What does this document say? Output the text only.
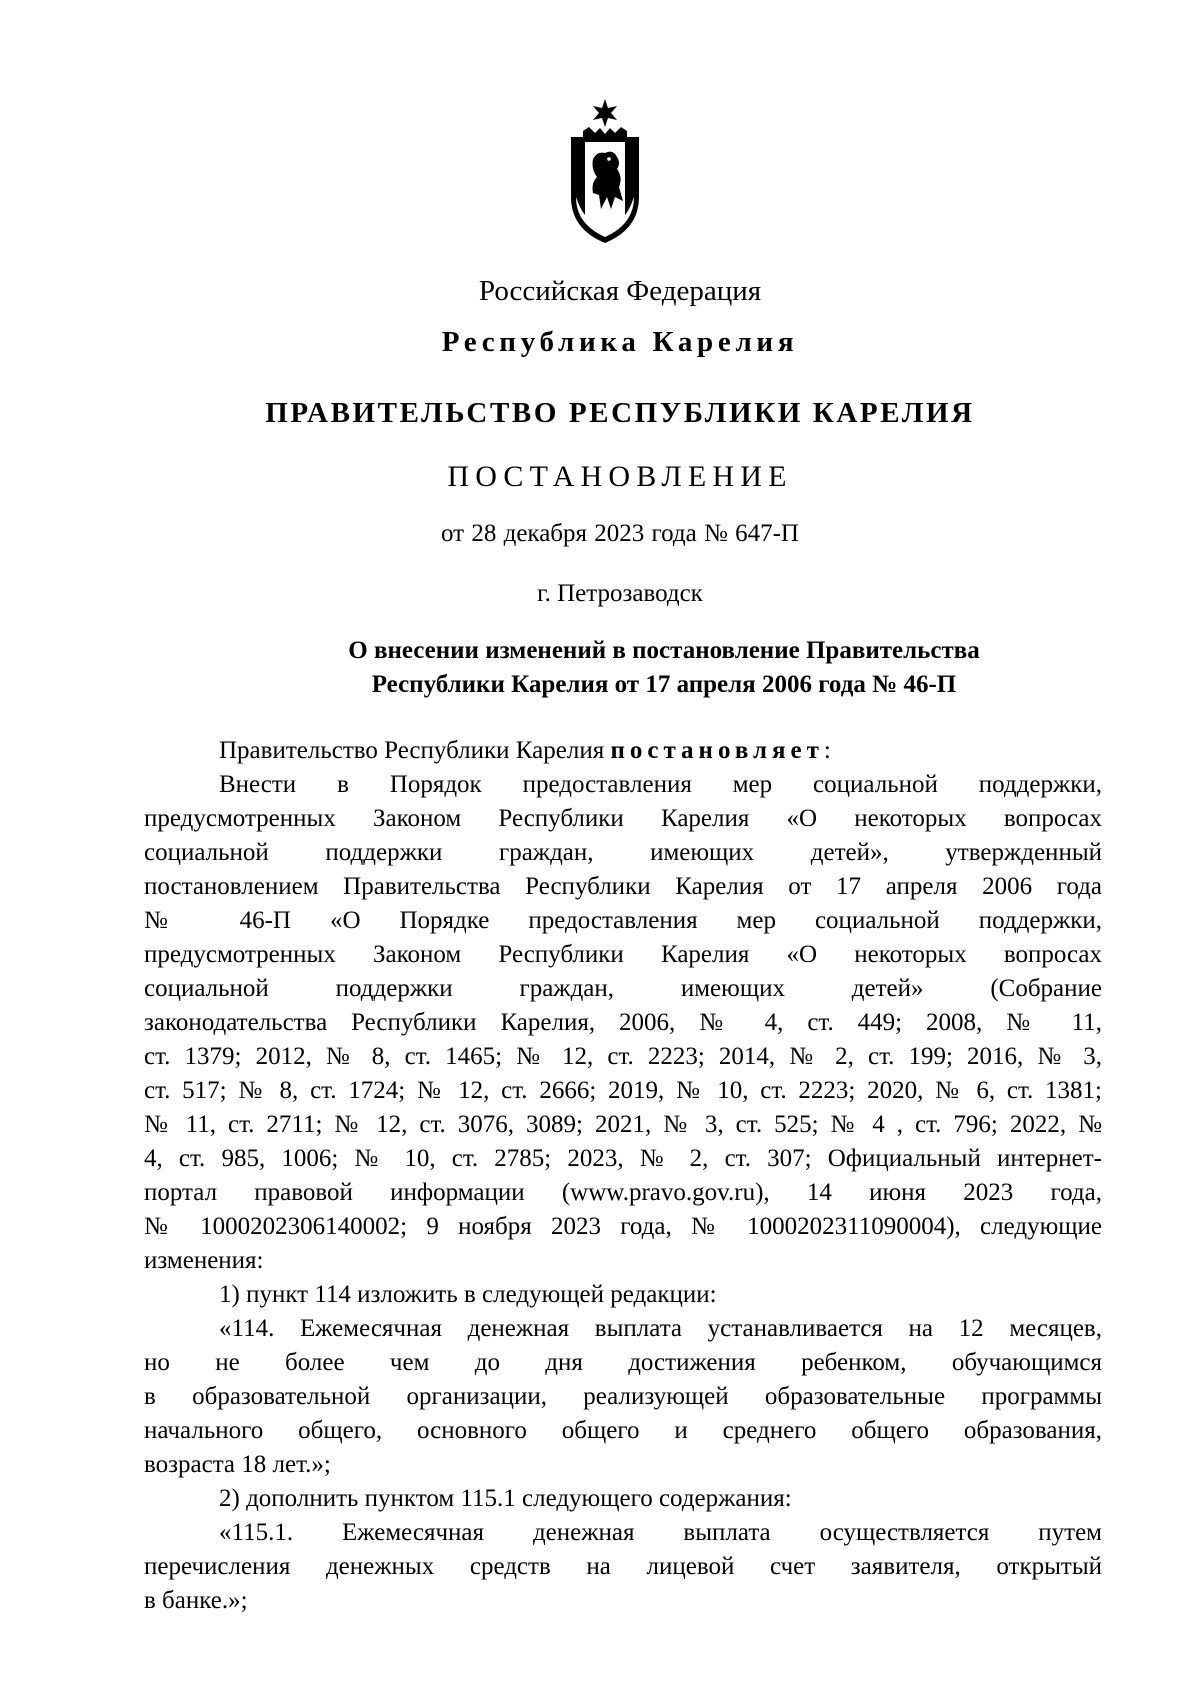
Российская Федерация
Республика Карелия
ПРАВИТЕЛЬСТВО РЕСПУБЛИКИ КАРЕЛИЯ
ПОСТАНОВЛЕНИЕ
от 28 декабря 2023 года № 647-П
г. Петрозаводск
О внесении изменений в постановление Правительства
Республики Карелия от 17 апреля 2006 года № 46-П
Правительство Республики Карелия постановляет:
Внести в Порядок предоставления мер социальной поддержки,
предусмотренных Законом Республики Карелия «О некоторых вопросах
социальной поддержки граждан, имеющих детей», утвержденный
постановлением Правительства Республики Карелия от 17 апреля 2006 года
№ 46-П «О Порядке предоставления мер социальной поддержки,
предусмотренных Законом Республики Карелия «О некоторых вопросах
социальной поддержки граждан, имеющих детей» (Собрание
законодательства Республики Карелия, 2006, № 4, ст. 449; 2008, № 11,
ст. 1379; 2012, № 8, ст. 1465; № 12, ст. 2223; 2014, № 2, ст. 199; 2016, № 3,
ст. 517; № 8, ст. 1724; № 12, ст. 2666; 2019, № 10, ст. 2223; 2020, № 6, ст. 1381;
№ 11, ст. 2711; № 12, ст. 3076, 3089; 2021, № 3, ст. 525; № 4 , ст. 796; 2022, №
4, ст. 985, 1006; № 10, ст. 2785; 2023, № 2, ст. 307; Официальный интернет-
портал правовой информации (www.pravo.gov.ru), 14 июня 2023 года,
№ 1000202306140002; 9 ноября 2023 года, № 1000202311090004), следующие
изменения:
1) пункт 114 изложить в следующей редакции:
«114. Ежемесячная денежная выплата устанавливается на 12 месяцев,
но не более чем до дня достижения ребенком, обучающимся
в образовательной организации, реализующей образовательные программы
начального общего, основного общего и среднего общего образования,
возраста 18 лет.»;
2) дополнить пунктом 115.1 следующего содержания:
«115.1. Ежемесячная денежная выплата осуществляется путем
перечисления денежных средств на лицевой счет заявителя, открытый
в банке.»;
